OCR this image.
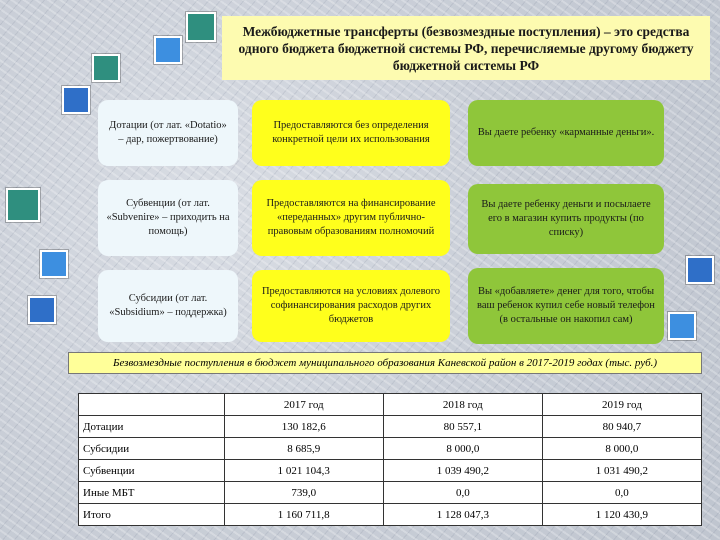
Межбюджетные трансферты (безвозмездные поступления) – это средства одного бюджета бюджетной системы РФ, перечисляемые другому бюджету бюджетной системы РФ
Дотации (от лат. «Dotatio» – дар, пожертвование)
Предоставляются без определения конкретной цели их использования
Вы даете ребенку «карманные деньги».
Субвенции (от лат. «Subvenire» – приходить на помощь)
Предоставляются на финансирование «переданных» другим публично-правовым образованиям полномочий
Вы даете ребенку деньги и посылаете его в магазин купить продукты (по списку)
Субсидии (от лат. «Subsidium» – поддержка)
Предоставляются на условиях долевого софинансирования расходов других бюджетов
Вы «добавляете» денег для того, чтобы ваш ребенок купил себе новый телефон (в остальные он накопил сам)
Безвозмездные поступления в бюджет муниципального образования Каневской район в 2017-2019 годах (тыс. руб.)
	2017 год	2018 год	2019 год
Дотации	130 182,6	80 557,1	80 940,7
Субсидии	8 685,9	8 000,0	8 000,0
Субвенции	1 021 104,3	1 039 490,2	1 031 490,2
Иные МБТ	739,0	0,0	0,0
Итого	1 160 711,8	1 128 047,3	1 120 430,9
